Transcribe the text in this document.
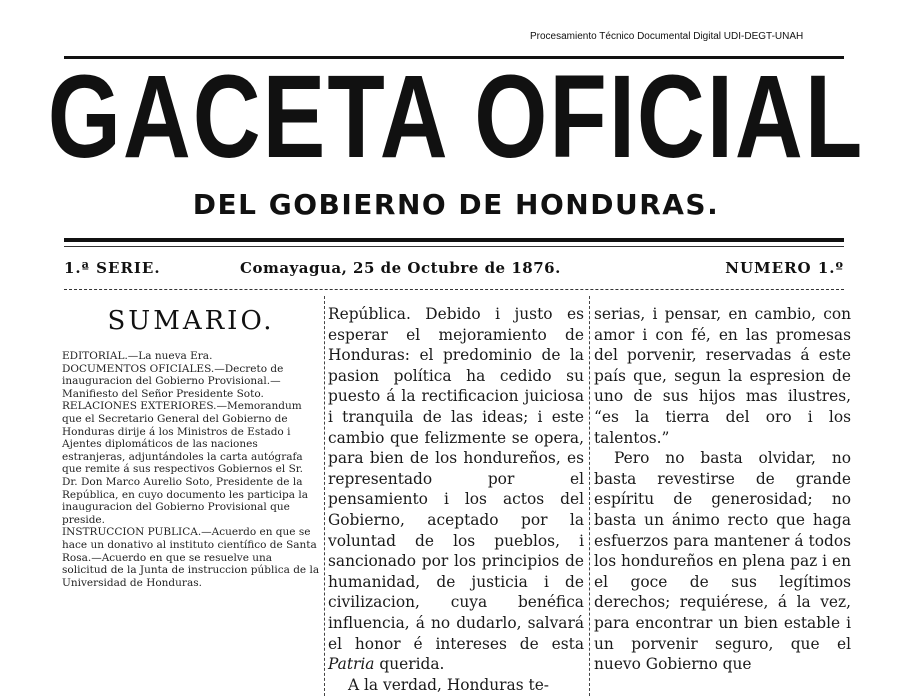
Procesamiento Técnico Documental Digital UDI-DEGT-UNAH
GACETA OFICIAL
DEL GOBIERNO DE HONDURAS.
1.ª SERIE.	Comayagua, 25 de Octubre de 1876.	NUMERO 1.º
SUMARIO.

EDITORIAL.—La nueva Era.

DOCUMENTOS OFICIALES.—Decreto de inauguracion del Gobierno Provisional.—Manifiesto del Señor Presidente Soto.

RELACIONES EXTERIORES.—Memorandum que el Secretario General del Gobierno de Honduras dirije á los Ministros de Estado i Ajentes diplomáticos de las naciones estranjeras, adjuntándoles la carta autógrafa que remite á sus respectivos Gobiernos el Sr. Dr. Don Marco Aurelio Soto, Presidente de la República, en cuyo documento les participa la inauguracion del Gobierno Provisional que preside.

INSTRUCCION PUBLICA.—Acuerdo en que se hace un donativo al instituto científico de Santa Rosa.—Acuerdo en que se resuelve una solicitud de la Junta de instruccion pública de la Universidad de Honduras.

República. Debido i justo es esperar el mejoramiento de Honduras: el predominio de la pasion política ha cedido su puesto á la rectificacion juiciosa i tranquila de las ideas; i este cambio que felizmente se opera, para bien de los hondureños, es representado por el pensamiento i los actos del Gobierno, aceptado por la voluntad de los pueblos, i sancionado por los principios de humanidad, de justicia i de civilizacion, cuya benéfica influencia, á no dudarlo, salvará el honor é intereses de esta Patria querida.

A la verdad, Honduras te-

serias, i pensar, en cambio, con amor i con fé, en las promesas del porvenir, reservadas á este país que, segun la espresion de uno de sus hijos mas ilustres, “es la tierra del oro i los talentos.”

Pero no basta olvidar, no basta revestirse de grande espíritu de generosidad; no basta un ánimo recto que haga esfuerzos para mantener á todos los hondureños en plena paz i en el goce de sus legítimos derechos; requiérese, á la vez, para encontrar un bien estable i un porvenir seguro, que el nuevo Gobierno que
